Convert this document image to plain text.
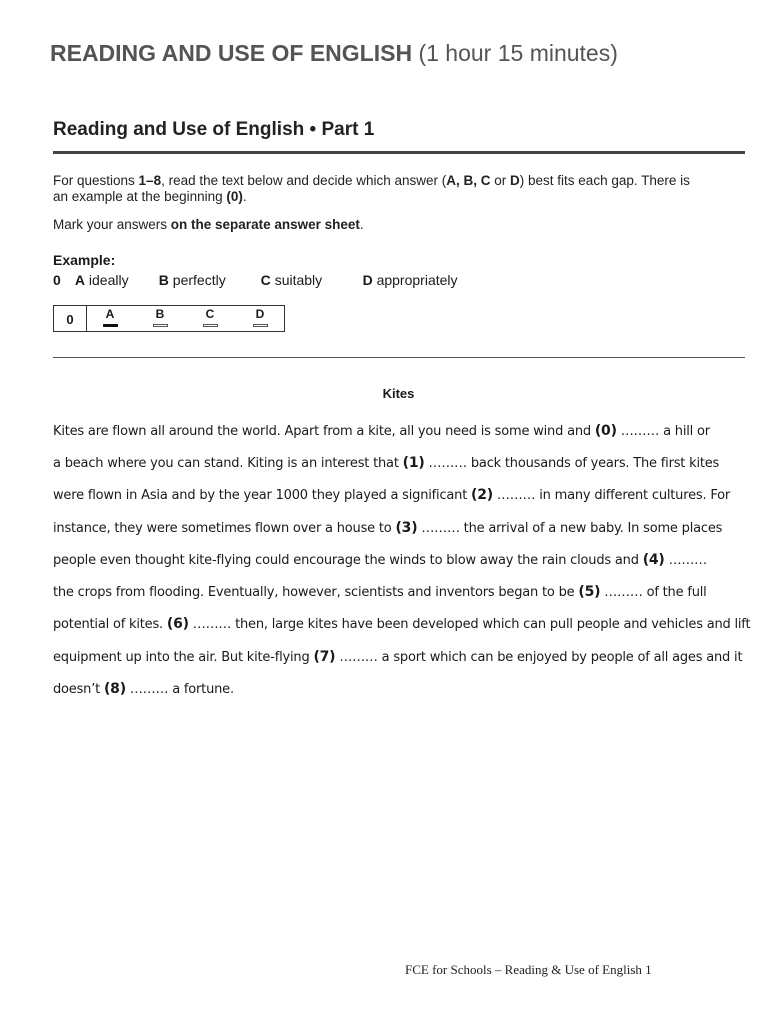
READING AND USE OF ENGLISH (1 hour 15 minutes)
Reading and Use of English • Part 1

For questions 1–8, read the text below and decide which answer (A, B, C or D) best fits each gap. There is
an example at the beginning (0).

Mark your answers on the separate answer sheet.

Example:
0 A ideally B perfectly C suitably	D appropriately
0	A	B	C	D
Kites
Kites are flown all around the world. Apart from a kite, all you need is some wind and (0) ……… a hill or
a beach where you can stand. Kiting is an interest that (1) ……… back thousands of years. The first kites
were flown in Asia and by the year 1000 they played a significant (2) ……… in many different cultures. For
instance, they were sometimes flown over a house to (3) ……… the arrival of a new baby. In some places
people even thought kite-flying could encourage the winds to blow away the rain clouds and (4) ………
the crops from flooding. Eventually, however, scientists and inventors began to be (5) ……… of the full
potential of kites. (6) ……… then, large kites have been developed which can pull people and vehicles and lift
equipment up into the air. But kite-flying (7) ……… a sport which can be enjoyed by people of all ages and it
doesn’t (8) ……… a fortune.
FCE for Schools – Reading & Use of English 1
